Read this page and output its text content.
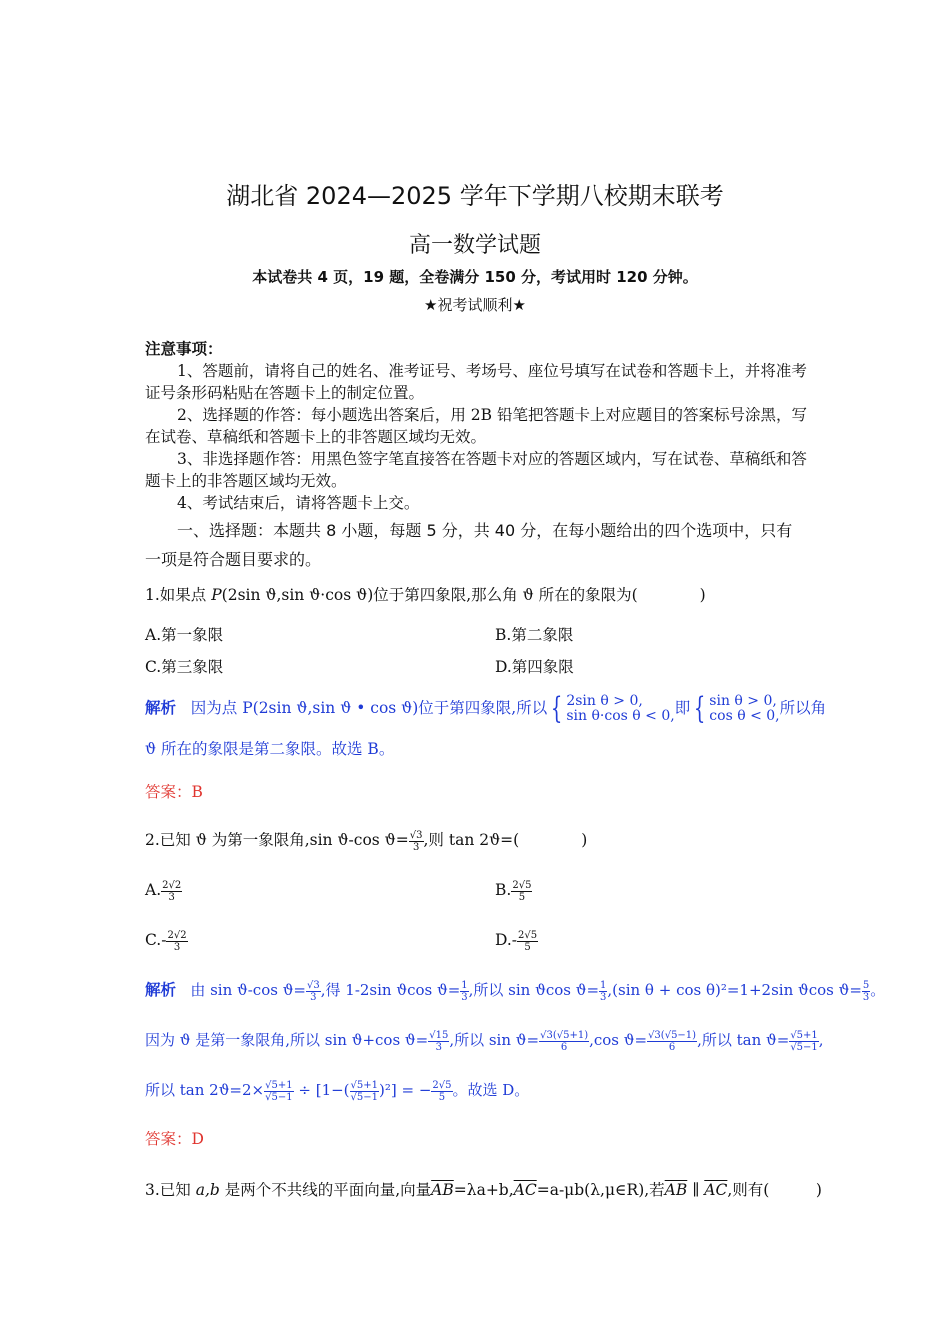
湖北省 2024—2025 学年下学期八校期末联考
高一数学试题
本试卷共 4 页，19 题，全卷满分 150 分，考试用时 120 分钟。
★祝考试顺利★
注意事项：
1、答题前，请将自己的姓名、准考证号、考场号、座位号填写在试卷和答题卡上，并将准考证号条形码粘贴在答题卡上的制定位置。
2、选择题的作答：每小题选出答案后，用 2B 铅笔把答题卡上对应题目的答案标号涂黑，写在试卷、草稿纸和答题卡上的非答题区域均无效。
3、非选择题作答：用黑色签字笔直接答在答题卡对应的答题区域内，写在试卷、草稿纸和答题卡上的非答题区域均无效。
4、考试结束后，请将答题卡上交。
一、选择题：本题共 8 小题，每题 5 分，共 40 分，在每小题给出的四个选项中，只有一项是符合题目要求的。
1.如果点 P(2sin ϑ,sin ϑ·cos ϑ)位于第四象限,那么角 ϑ 所在的象限为(　　　　)
A.第一象限	B.第二象限
C.第三象限	D.第四象限
解析 因为点 P(2sin ϑ,sin ϑ • cos ϑ)位于第四象限,所以 { 2sin θ > 0,
sin θ·cos θ < 0, 即 { sin θ > 0,
cos θ < 0, 所以角
ϑ 所在的象限是第二象限。故选 B。
答案：B
2.已知 ϑ 为第一象限角,sin ϑ-cos $ϑ= \frac{√3}{3}$ ,则 tan 2ϑ=(　　　　)
A. $\frac{2√2}{3}$	B. $\frac{2√5}{5}$
$C.- \frac{2√2}{3}$	$D.- \frac{2√5}{5}$
解析 由 sin ϑ-cos $ϑ= \frac{√3}{3}$ ,得 1-2sin ϑcos $ϑ= \frac{1}{3}$ ,所以 sin ϑcos $ϑ= \frac{1}{3} ,(\sin$ θ + cos θ)²=1+2sin ϑcos $ϑ= \frac{5}{3}$ 。
因为 ϑ 是第一象限角,所以 sin ϑ+cos $ϑ= \frac{√15}{3}$ ,所以 $\sin ϑ= \frac{√3(√5+1)}{6} ,\cos$ $ϑ= \frac{√3(√5-1)}{6}$ ,所以 $\tan ϑ= \frac{√5+1}{√5-1}$ ,
所以 $\tan 2ϑ=2\times \frac{√5+1}{√5-1} \div [1-( \frac{√5+1}{√5-1} )^2]$ = − $\frac{2√5}{5}$ 。故选 D。
答案：D
3.已知 a,b 是两个不共线的平面向量,向量$\overline{AB}=\lambda a+b,\overline{AC}=a-\mu b(\lambda,\mu\in R)$,若$\overline{AB}$ ∥ $\overline{AC}$,则有(　　　)
